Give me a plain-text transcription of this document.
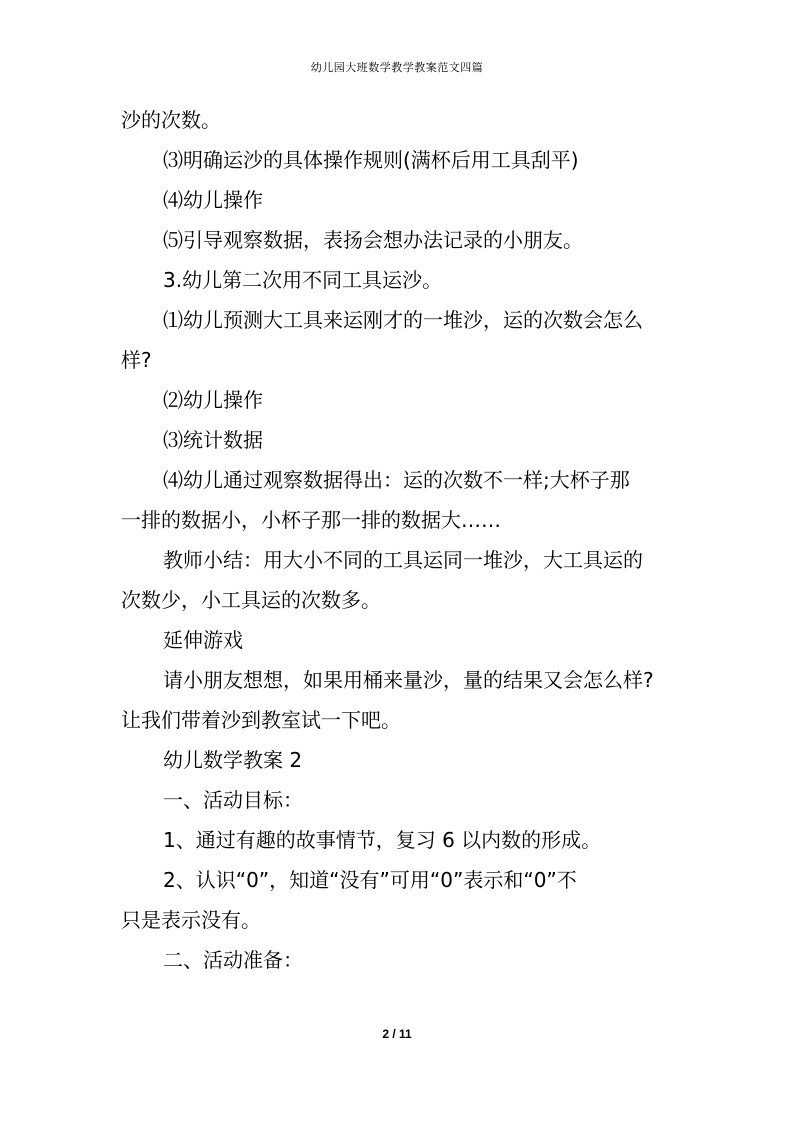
幼儿园大班数学教学教案范文四篇
沙的次数。
⑶明确运沙的具体操作规则(满杯后用工具刮平)
⑷幼儿操作
⑸引导观察数据，表扬会想办法记录的小朋友。
3.幼儿第二次用不同工具运沙。
⑴幼儿预测大工具来运刚才的一堆沙，运的次数会怎么
样?
⑵幼儿操作
⑶统计数据
⑷幼儿通过观察数据得出：运的次数不一样;大杯子那
一排的数据小，小杯子那一排的数据大……
教师小结：用大小不同的工具运同一堆沙，大工具运的
次数少，小工具运的次数多。
延伸游戏
请小朋友想想，如果用桶来量沙，量的结果又会怎么样?
让我们带着沙到教室试一下吧。
幼儿数学教案 2
一、活动目标：
1、通过有趣的故事情节，复习 6 以内数的形成。
2、认识“0”，知道“没有”可用“0”表示和“0”不
只是表示没有。
二、活动准备：
2 / 11
